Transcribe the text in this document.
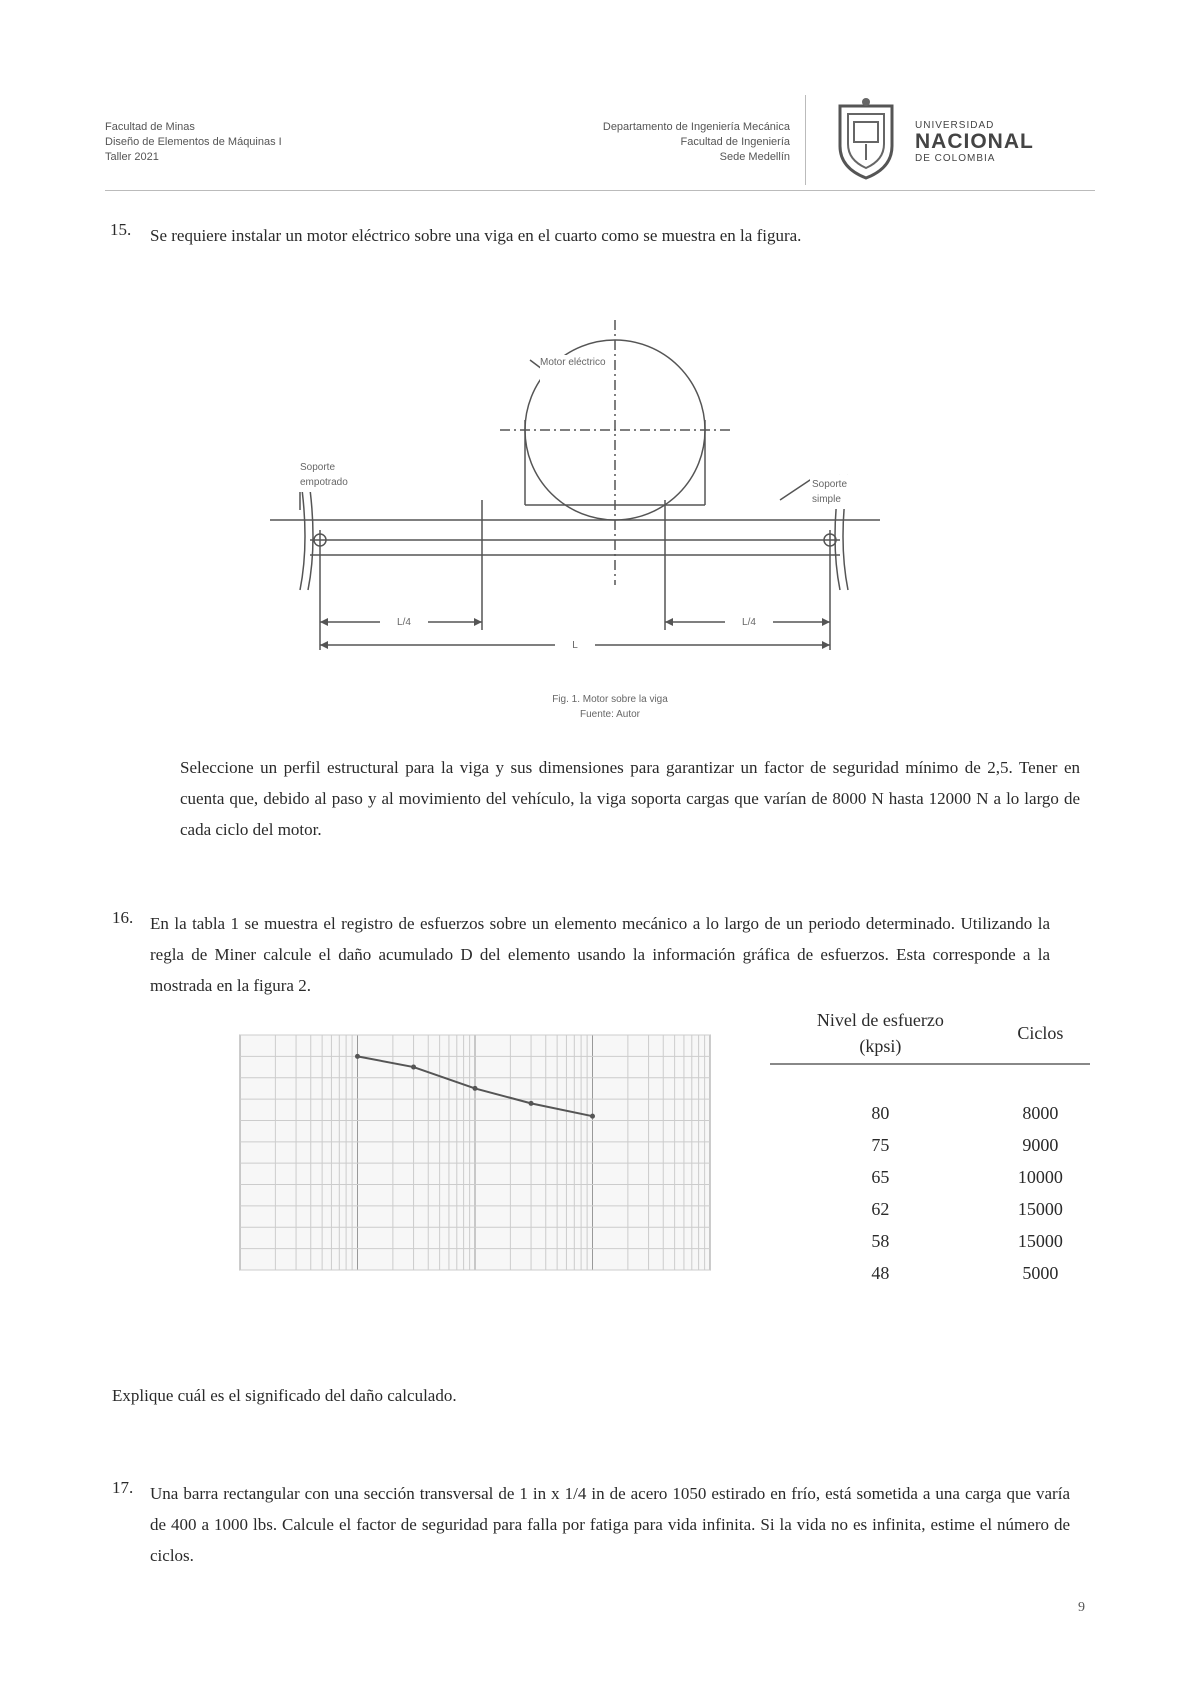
Facultad de Minas
Diseño de Elementos de Máquinas I
Taller 2021
Departamento de Ingeniería Mecánica
Facultad de Ingeniería
Sede Medellín
UNIVERSIDAD
NACIONAL
DE COLOMBIA
15. Se requiere instalar un motor eléctrico sobre una viga en el cuarto como se muestra en la figura.
Motor eléctrico
Soporte empotrado	Soporte simple
L/4	L/4
L
Fig. 1. Motor sobre la viga
Fuente: Autor
Seleccione un perfil estructural para la viga y sus dimensiones para garantizar un factor de seguridad mínimo de 2,5. Tener en cuenta que, debido al paso y al movimiento del vehículo, la viga soporta cargas que varían de 8000 N hasta 12000 N a lo largo de cada ciclo del motor.
16. En la tabla 1 se muestra el registro de esfuerzos sobre un elemento mecánico a lo largo de un periodo determinado. Utilizando la regla de Miner calcule el daño acumulado D del elemento usando la información gráfica de esfuerzos. Esta corresponde a la mostrada en la figura 2.
Nivel de esfuerzo
(kpsi)	Ciclos

80	8000
75	9000
65	10000
62	15000
58	15000
48	5000
Explique cuál es el significado del daño calculado.
17. Una barra rectangular con una sección transversal de 1 in x 1/4 in de acero 1050 estirado en frío, está sometida a una carga que varía de 400 a 1000 lbs. Calcule el factor de seguridad para falla por fatiga para vida infinita. Si la vida no es infinita, estime el número de ciclos.
9
